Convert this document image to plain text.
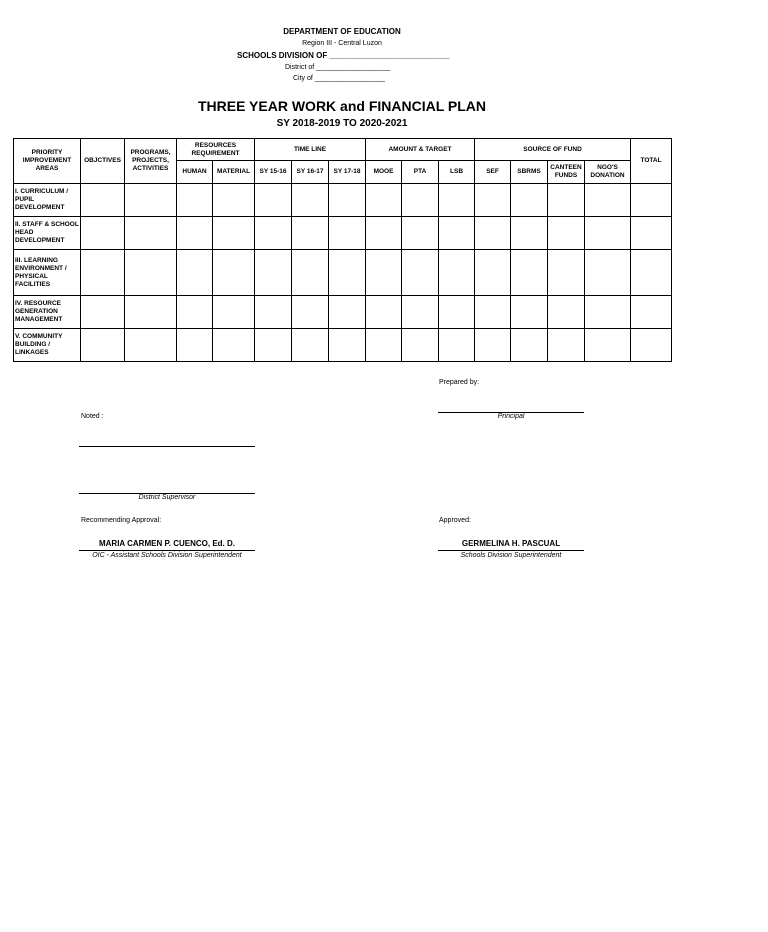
DEPARTMENT OF EDUCATION
Region III - Central Luzon
SCHOOLS DIVISION OF ___________________________
District of ___________________
City of __________________
THREE YEAR WORK and FINANCIAL PLAN
SY 2018-2019 TO 2020-2021
PRIORITY IMPROVEMENT AREAS	OBJCTIVES	PROGRAMS, PROJECTS, ACTIVITIES	RESOURCES REQUIREMENT		TIME LINE			AMOUNT & TARGET			SOURCE OF FUND				TOTAL
			HUMAN	MATERIAL	SY 15-16	SY 16-17	SY 17-18	MOOE	PTA	LSB	SEF	SBRMS	CANTEEN FUNDS	NGO'S DONATION	
I. CURRICULUM / PUPIL DEVELOPMENT															
II. STAFF & SCHOOL HEAD DEVELOPMENT															
III. LEARNING ENVIRONMENT / PHYSICAL FACILITIES															
IV. RESOURCE GENERATION MANAGEMENT															
V. COMMUNITY BUILDING / LINKAGES															
Prepared by:
Principal
Noted :
District Supervisor
Recommending Approval:
MARIA CARMEN P. CUENCO, Ed. D.
OIC - Assistant Schools Division Superintendent
Approved:
GERMELINA H. PASCUAL
Schools Division Superintendent
